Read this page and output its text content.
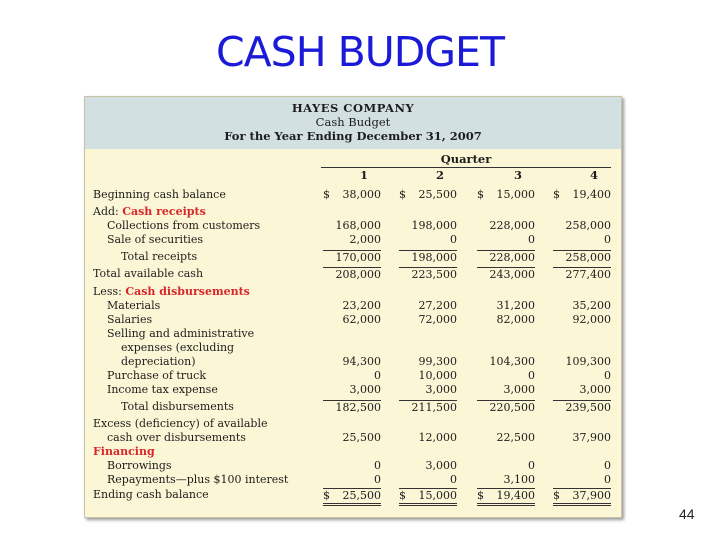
CASH BUDGET
HAYES COMPANY
Cash Budget
For the Year Ending December 31, 2007
Quarter
1	2	3	4
Beginning cash balance	$ 38,000 $ 25,500 $ 15,000 $ 19,400
Add: Cash receipts
Collections from customers	168,000	198,000	228,000	258,000
Sale of securities	2,000	0	0	0
Total receipts	170,000	198,000	228,000	258,000
Total available cash	208,000	223,500	243,000	277,400
Less: Cash disbursements
Materials	23,200	27,200	31,200	35,200
Salaries	62,000	72,000	82,000	92,000
Selling and administrative
expenses (excluding
depreciation)	94,300	99,300	104,300	109,300
Purchase of truck	0	10,000	0	0
Income tax expense	3,000	3,000	3,000	3,000
Total disbursements	182,500	211,500	220,500	239,500
Excess (deficiency) of available
cash over disbursements	25,500	12,000	22,500	37,900
Financing
Borrowings	0	3,000	0	0
Repayments—plus $100 interest	0	0	3,100	0
Ending cash balance	$ 25,500 $ 15,000 $ 19,400 $ 37,900
44
